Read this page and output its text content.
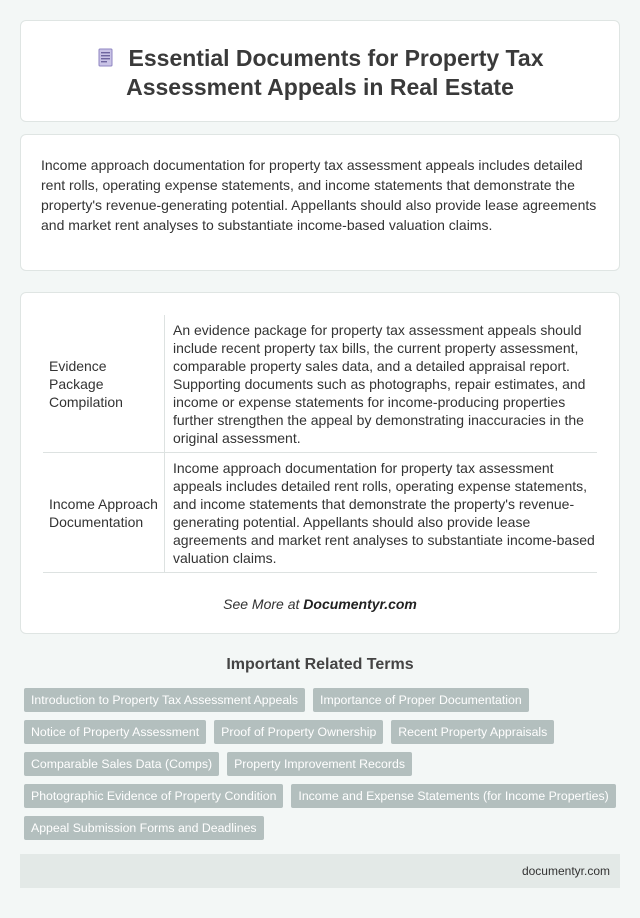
Essential Documents for Property Tax Assessment Appeals in Real Estate

Income approach documentation for property tax assessment appeals includes detailed rent rolls, operating expense statements, and income statements that demonstrate the property's revenue-generating potential. Appellants should also provide lease agreements and market rent analyses to substantiate income-based valuation claims.

Evidence Package Compilation
An evidence package for property tax assessment appeals should include recent property tax bills, the current property assessment, comparable property sales data, and a detailed appraisal report. Supporting documents such as photographs, repair estimates, and income or expense statements for income-producing properties further strengthen the appeal by demonstrating inaccuracies in the original assessment.
Income Approach Documentation
Income approach documentation for property tax assessment appeals includes detailed rent rolls, operating expense statements, and income statements that demonstrate the property's revenue-generating potential. Appellants should also provide lease agreements and market rent analyses to substantiate income-based valuation claims.
See More at Documentyr.com
Important Related Terms
Introduction to Property Tax Assessment Appeals	Importance of Proper Documentation
Notice of Property Assessment	Proof of Property Ownership	Recent Property Appraisals
Comparable Sales Data (Comps)	Property Improvement Records
Photographic Evidence of Property Condition	Income and Expense Statements (for Income Properties)
Appeal Submission Forms and Deadlines
documentyr.com
